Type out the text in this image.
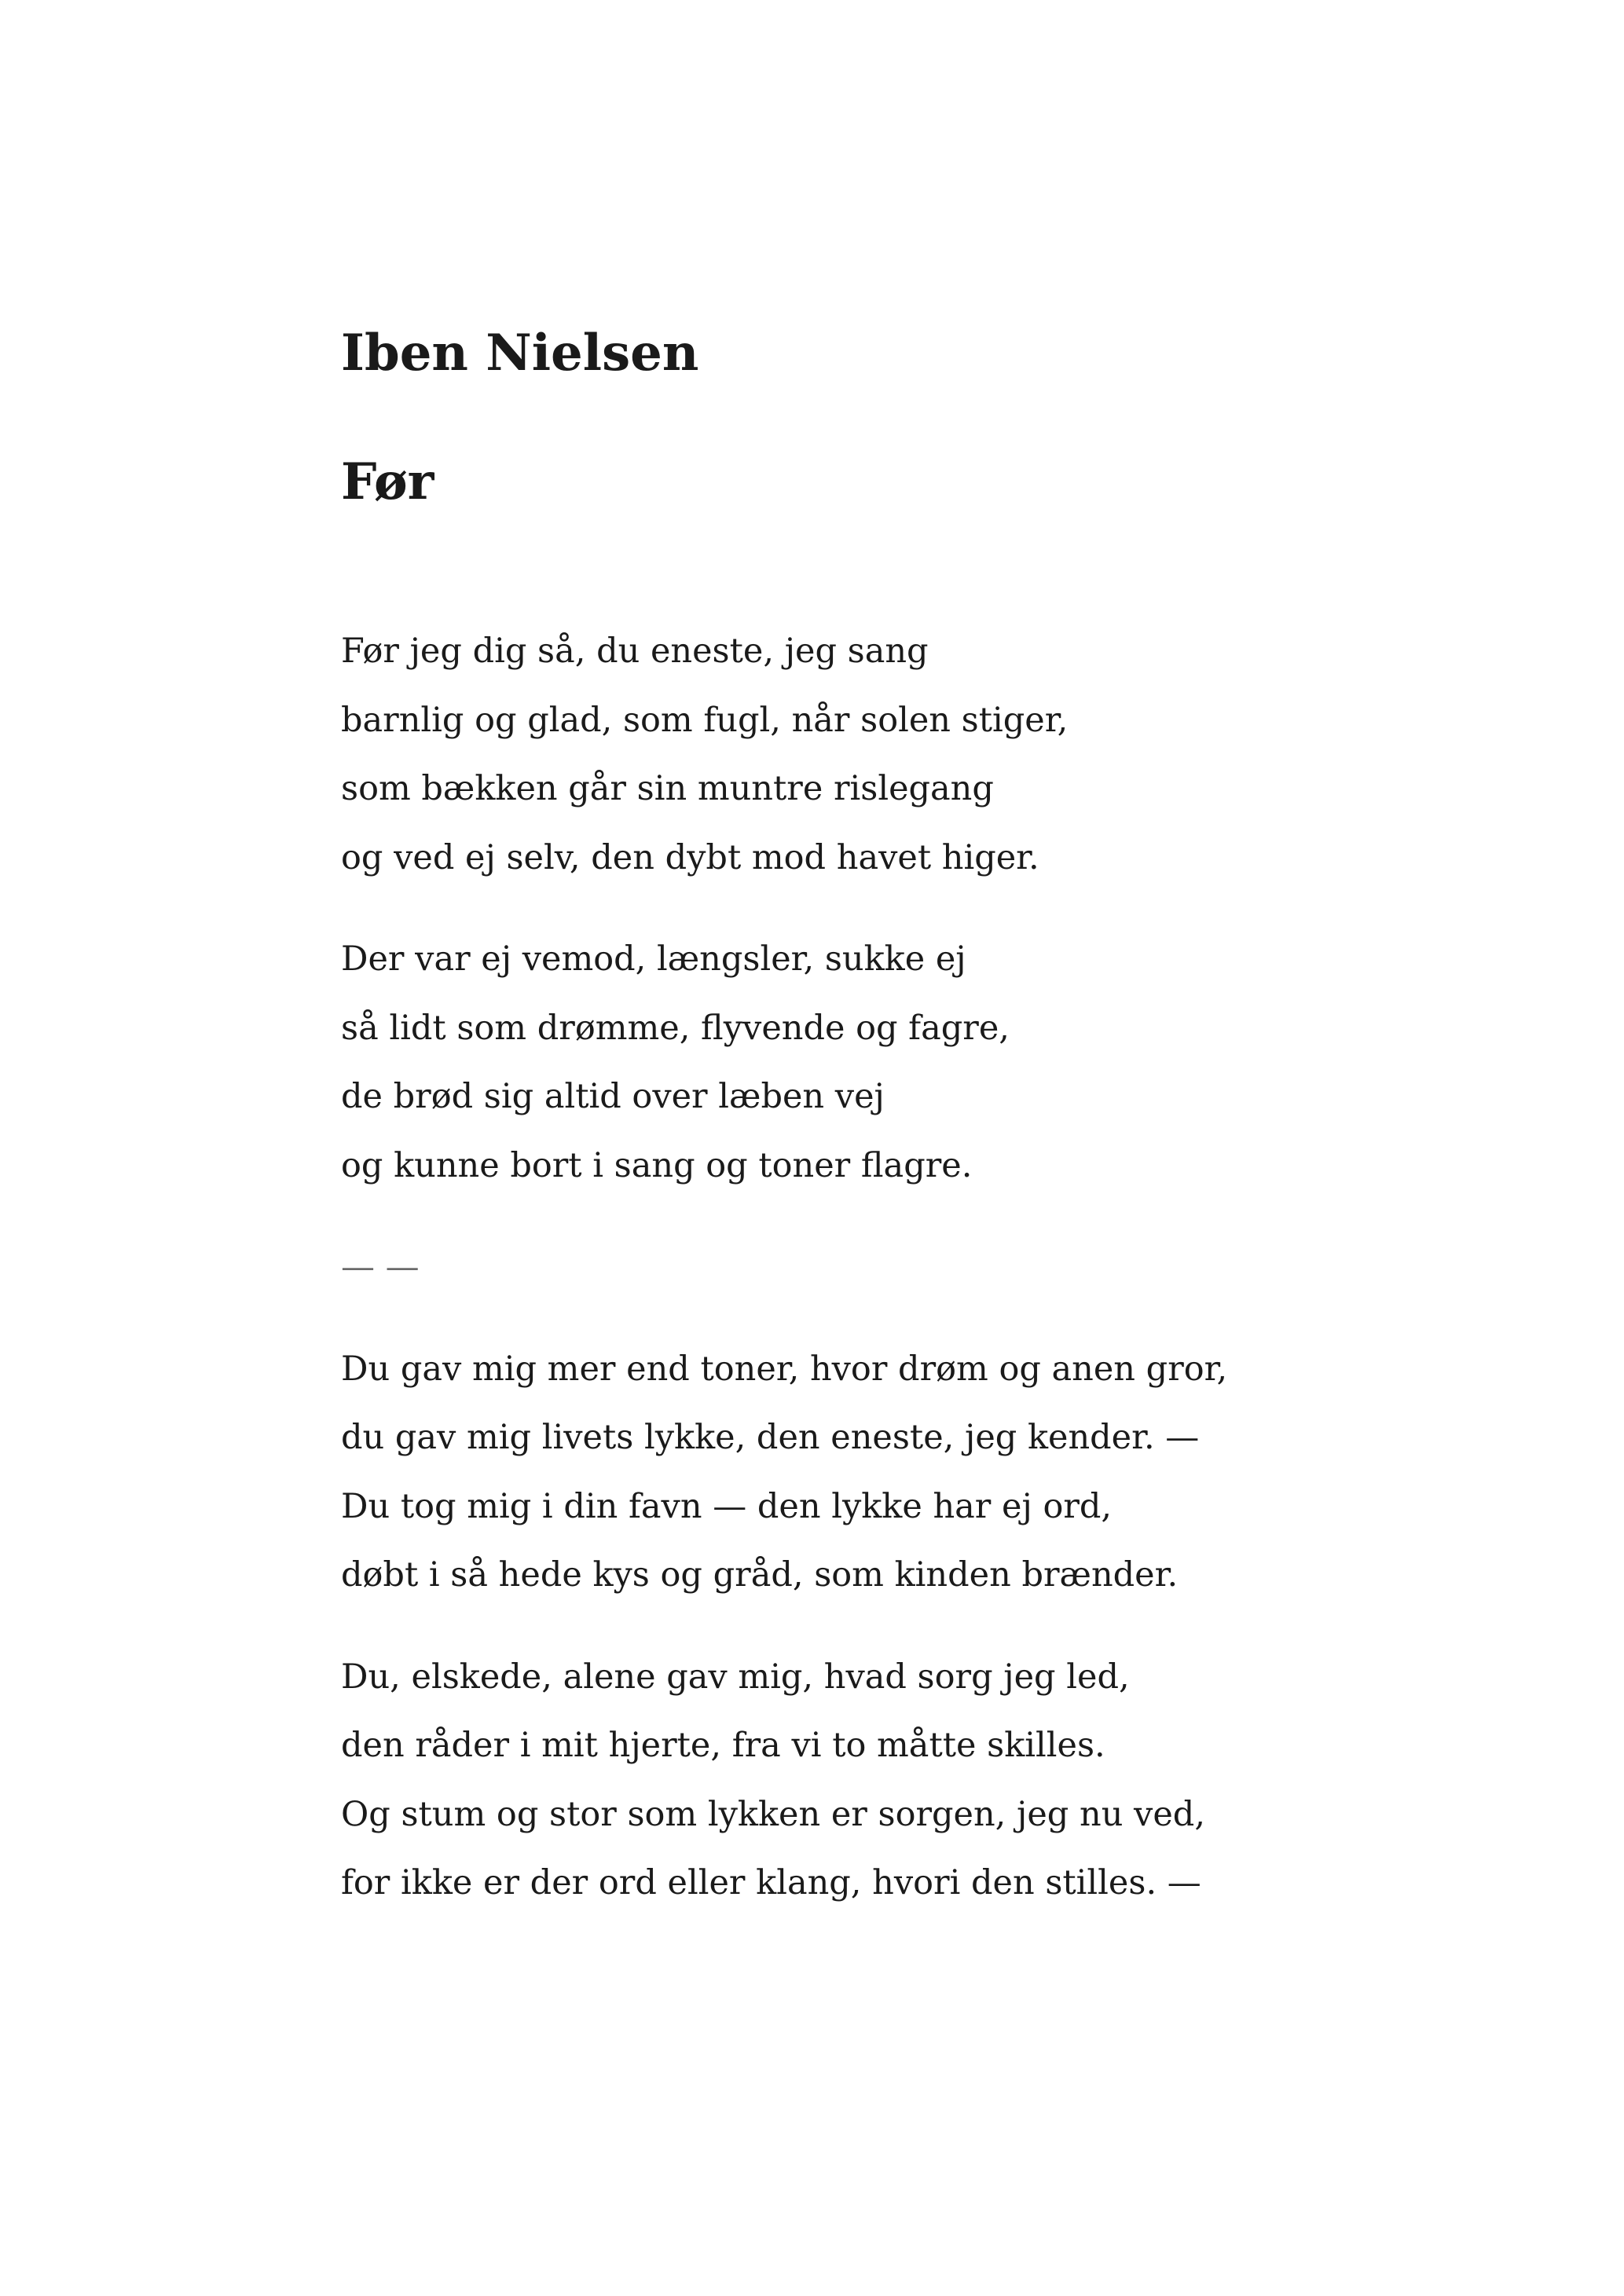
Iben Nielsen
Før
Før jeg dig så, du eneste, jeg sang
barnlig og glad, som fugl, når solen stiger,
som bækken går sin muntre rislegang
og ved ej selv, den dybt mod havet higer.
Der var ej vemod, længsler, sukke ej
så lidt som drømme, flyvende og fagre,
de brød sig altid over læben vej
og kunne bort i sang og toner flagre.
— —
Du gav mig mer end toner, hvor drøm og anen gror,
du gav mig livets lykke, den eneste, jeg kender. —
Du tog mig i din favn — den lykke har ej ord,
døbt i så hede kys og gråd, som kinden brænder.
Du, elskede, alene gav mig, hvad sorg jeg led,
den råder i mit hjerte, fra vi to måtte skilles.
Og stum og stor som lykken er sorgen, jeg nu ved,
for ikke er der ord eller klang, hvori den stilles. —
